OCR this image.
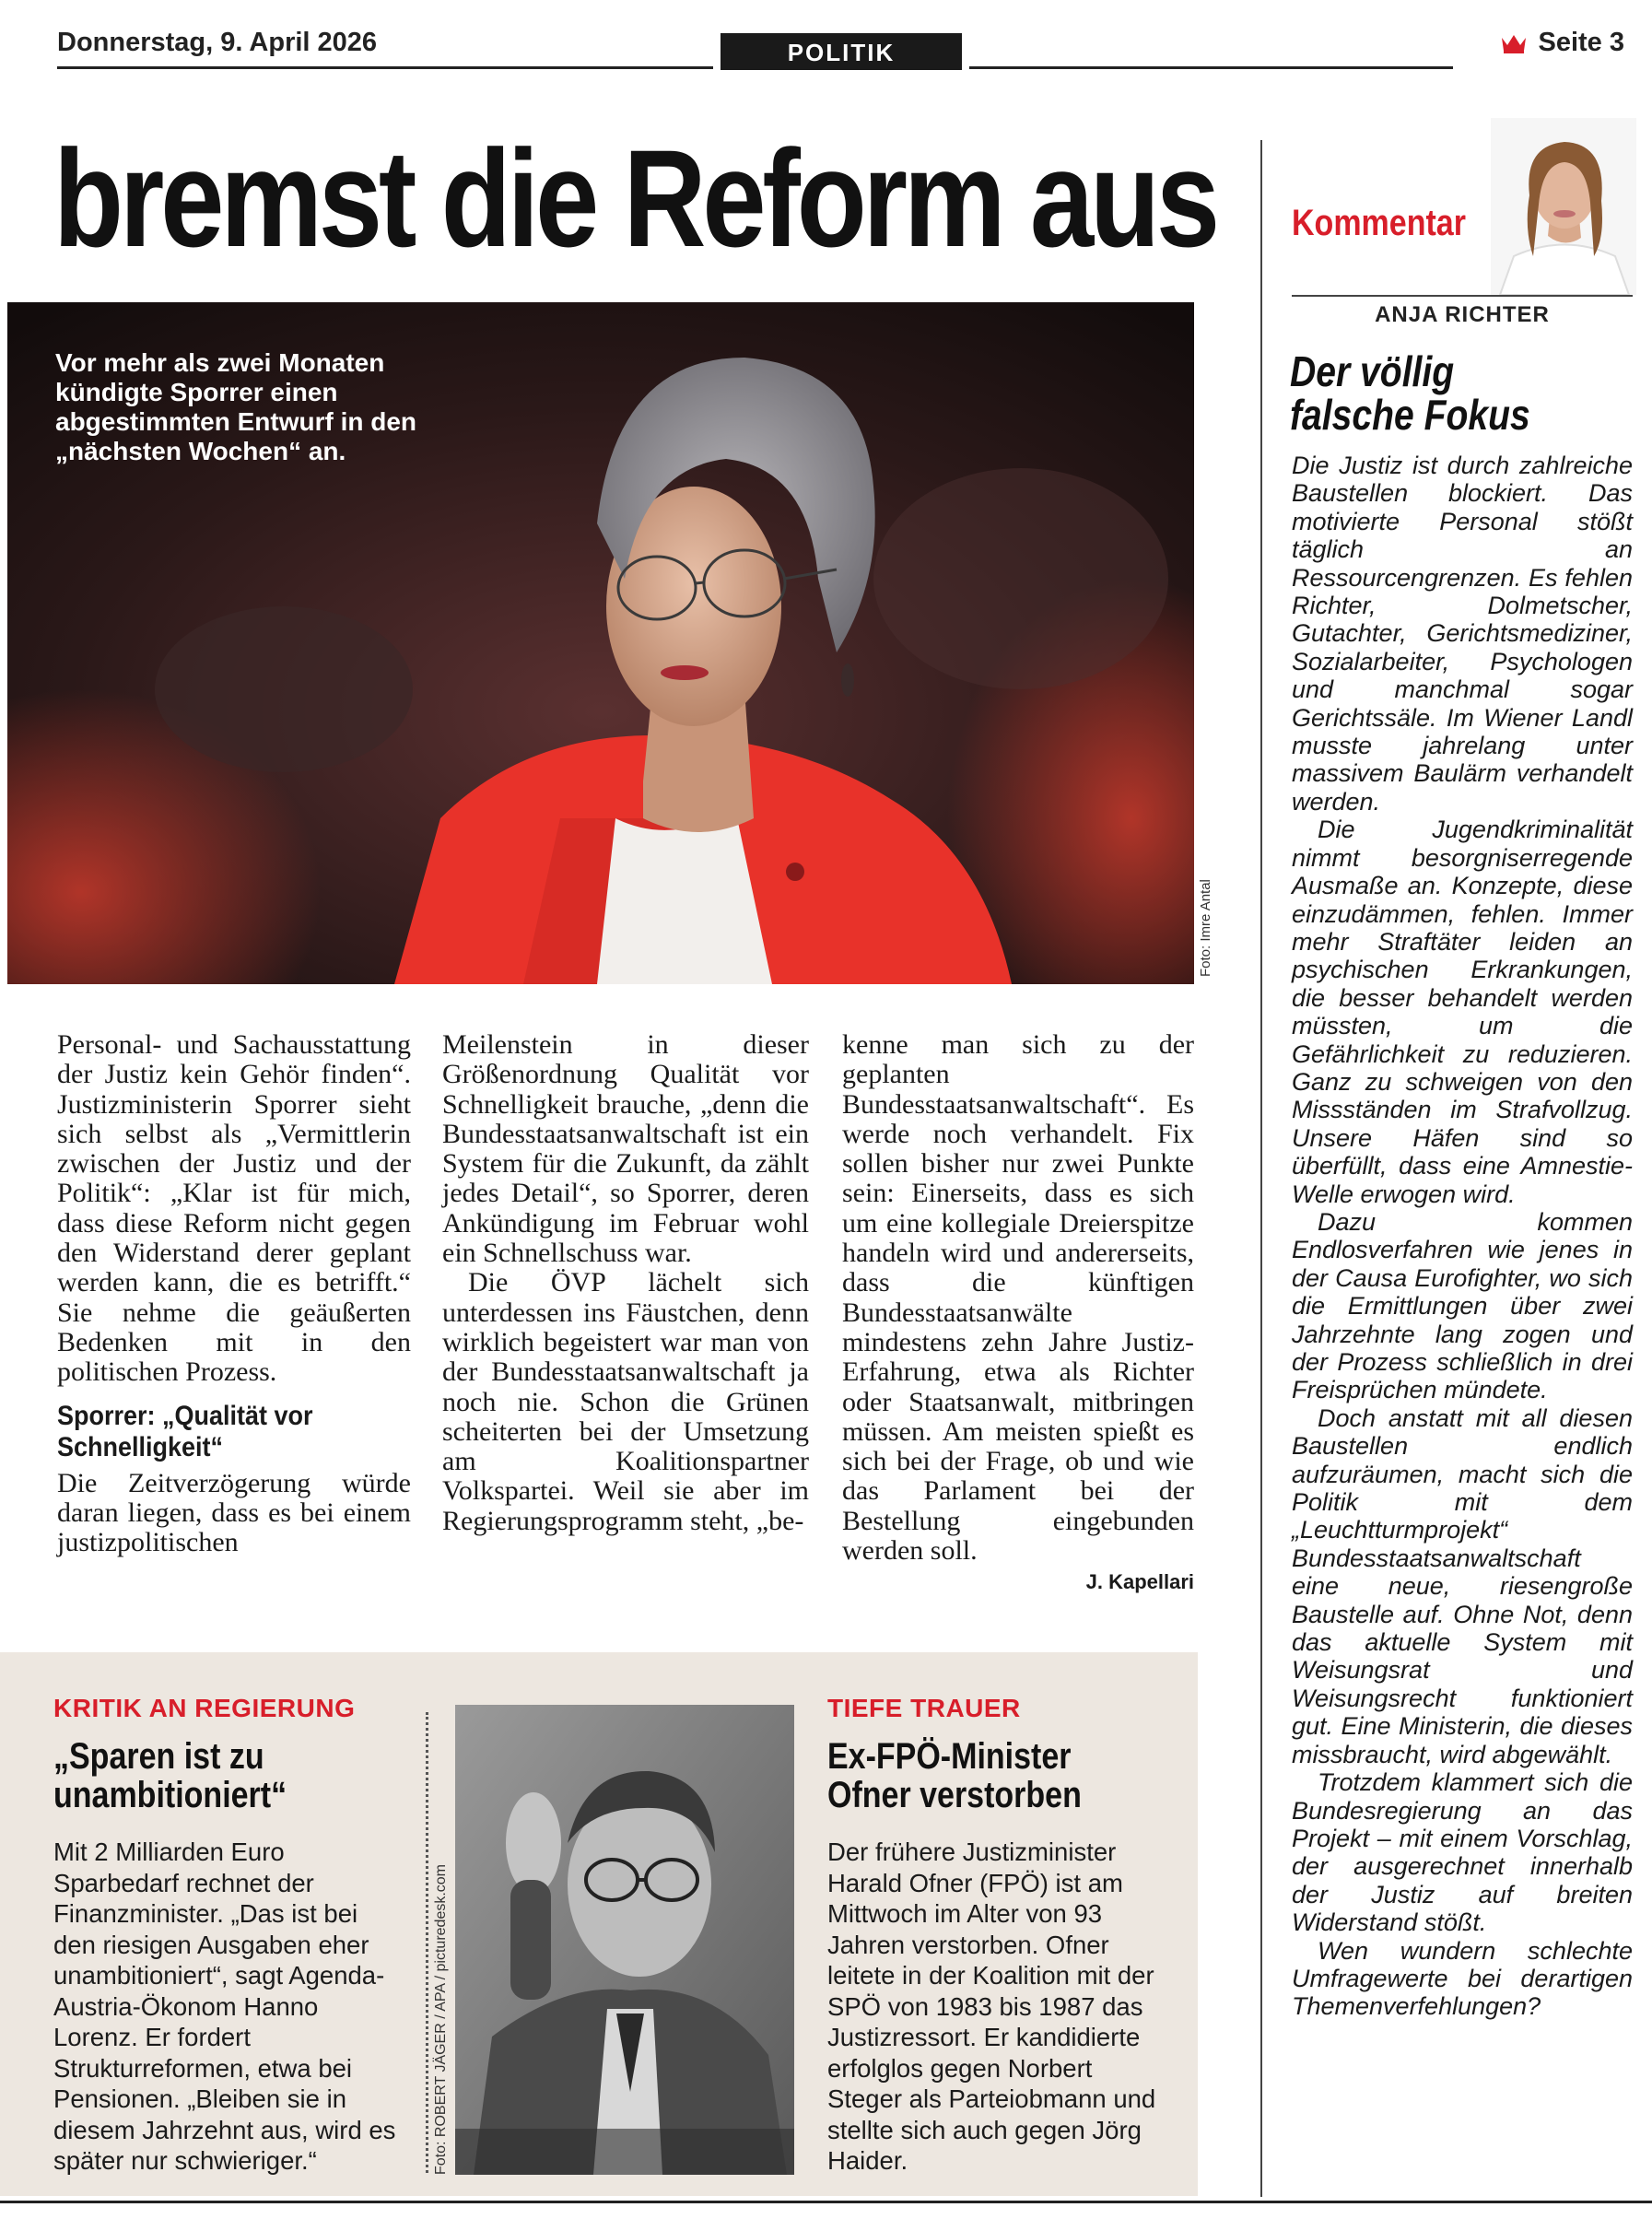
Donnerstag, 9. April 2026	POLITIK	Seite 3
bremst die Reform aus
Vor mehr als zwei Monaten kündigte Sporrer einen abgestimmten Entwurf in den „nächsten Wochen“ an.
Foto: Imre Antal

Personal- und Sachausstattung der Justiz kein Gehör finden“. Justizministerin Sporrer sieht sich selbst als „Vermittlerin zwischen der Justiz und der Politik“: „Klar ist für mich, dass diese Reform nicht gegen den Widerstand derer geplant werden kann, die es betrifft.“ Sie nehme die geäußerten Bedenken mit in den politischen Prozess.

Sporrer: „Qualität vor Schnelligkeit“

Die Zeitverzögerung würde daran liegen, dass es bei einem justizpolitischen

Meilenstein in dieser Größenordnung Qualität vor Schnelligkeit brauche, „denn die Bundesstaatsanwaltschaft ist ein System für die Zukunft, da zählt jedes Detail“, so Sporrer, deren Ankündigung im Februar wohl ein Schnellschuss war.

Die ÖVP lächelt sich unterdessen ins Fäustchen, denn wirklich begeistert war man von der Bundesstaatsanwaltschaft ja noch nie. Schon die Grünen scheiterten bei der Umsetzung am Koalitionspartner Volkspartei. Weil sie aber im Regierungsprogramm steht, „be-

kenne man sich zu der geplanten Bundesstaatsanwaltschaft“. Es werde noch verhandelt. Fix sollen bisher nur zwei Punkte sein: Einerseits, dass es sich um eine kollegiale Dreierspitze handeln wird und andererseits, dass die künftigen Bundesstaatsanwälte mindestens zehn Jahre Justiz-Erfahrung, etwa als Richter oder Staatsanwalt, mitbringen müssen. Am meisten spießt es sich bei der Frage, ob und wie das Parlament bei der Bestellung eingebunden werden soll.

J. Kapellari
KRITIK AN REGIERUNG
„Sparen ist zu
unambitioniert“
Mit 2 Milliarden Euro Sparbedarf rechnet der Finanzminister. „Das ist bei den riesigen Ausgaben eher unambitioniert“, sagt Agenda-Austria-Ökonom Hanno Lorenz. Er fordert Strukturreformen, etwa bei Pensionen. „Bleiben sie in diesem Jahrzehnt aus, wird es später nur schwieriger.“	Foto: ROBERT JÄGER / APA / picturedesk.com
TIEFE TRAUER
Ex-FPÖ-Minister
Ofner verstorben
Der frühere Justizminister Harald Ofner (FPÖ) ist am Mittwoch im Alter von 93 Jahren verstorben. Ofner leitete in der Koalition mit der SPÖ von 1983 bis 1987 das Justizressort. Er kandidierte erfolglos gegen Norbert Steger als Parteiobmann und stellte sich auch gegen Jörg Haider.
Kommentar
ANJA RICHTER
Der völlig
falsche Fokus

Die Justiz ist durch zahlreiche Baustellen blockiert. Das motivierte Personal stößt täglich an Ressourcengrenzen. Es fehlen Richter, Dolmetscher, Gutachter, Gerichtsmediziner, Sozialarbeiter, Psychologen und manchmal sogar Gerichtssäle. Im Wiener Landl musste jahrelang unter massivem Baulärm verhandelt werden.

Die Jugendkriminalität nimmt besorgniserregende Ausmaße an. Konzepte, diese einzudämmen, fehlen. Immer mehr Straftäter leiden an psychischen Erkrankungen, die besser behandelt werden müssten, um die Gefährlichkeit zu reduzieren. Ganz zu schweigen von den Missständen im Strafvollzug. Unsere Häfen sind so überfüllt, dass eine Amnestie-Welle erwogen wird.

Dazu kommen Endlosverfahren wie jenes in der Causa Eurofighter, wo sich die Ermittlungen über zwei Jahrzehnte lang zogen und der Prozess schließlich in drei Freisprüchen mündete.

Doch anstatt mit all diesen Baustellen endlich aufzuräumen, macht sich die Politik mit dem „Leuchtturmprojekt“ Bundesstaatsanwaltschaft eine neue, riesengroße Baustelle auf. Ohne Not, denn das aktuelle System mit Weisungsrat und Weisungsrecht funktioniert gut. Eine Ministerin, die dieses missbraucht, wird abgewählt.

Trotzdem klammert sich die Bundesregierung an das Projekt – mit einem Vorschlag, der ausgerechnet innerhalb der Justiz auf breiten Widerstand stößt.

Wen wundern schlechte Umfragewerte bei derartigen Themenverfehlungen?
